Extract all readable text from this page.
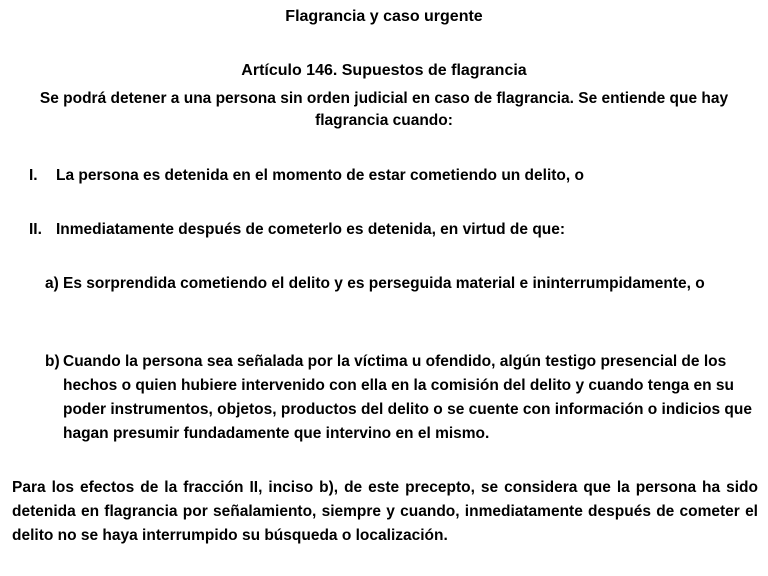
Flagrancia y caso urgente
Artículo 146. Supuestos de flagrancia
Se podrá detener a una persona sin orden judicial en caso de flagrancia. Se entiende que hay flagrancia cuando:
I. La persona es detenida en el momento de estar cometiendo un delito, o
II. Inmediatamente después de cometerlo es detenida, en virtud de que:
a) Es sorprendida cometiendo el delito y es perseguida material e ininterrumpidamente, o
b) Cuando la persona sea señalada por la víctima u ofendido, algún testigo presencial de los hechos o quien hubiere intervenido con ella en la comisión del delito y cuando tenga en su poder instrumentos, objetos, productos del delito o se cuente con información o indicios que hagan presumir fundadamente que intervino en el mismo.
Para los efectos de la fracción II, inciso b), de este precepto, se considera que la persona ha sido detenida en flagrancia por señalamiento, siempre y cuando, inmediatamente después de cometer el delito no se haya interrumpido su búsqueda o localización.
